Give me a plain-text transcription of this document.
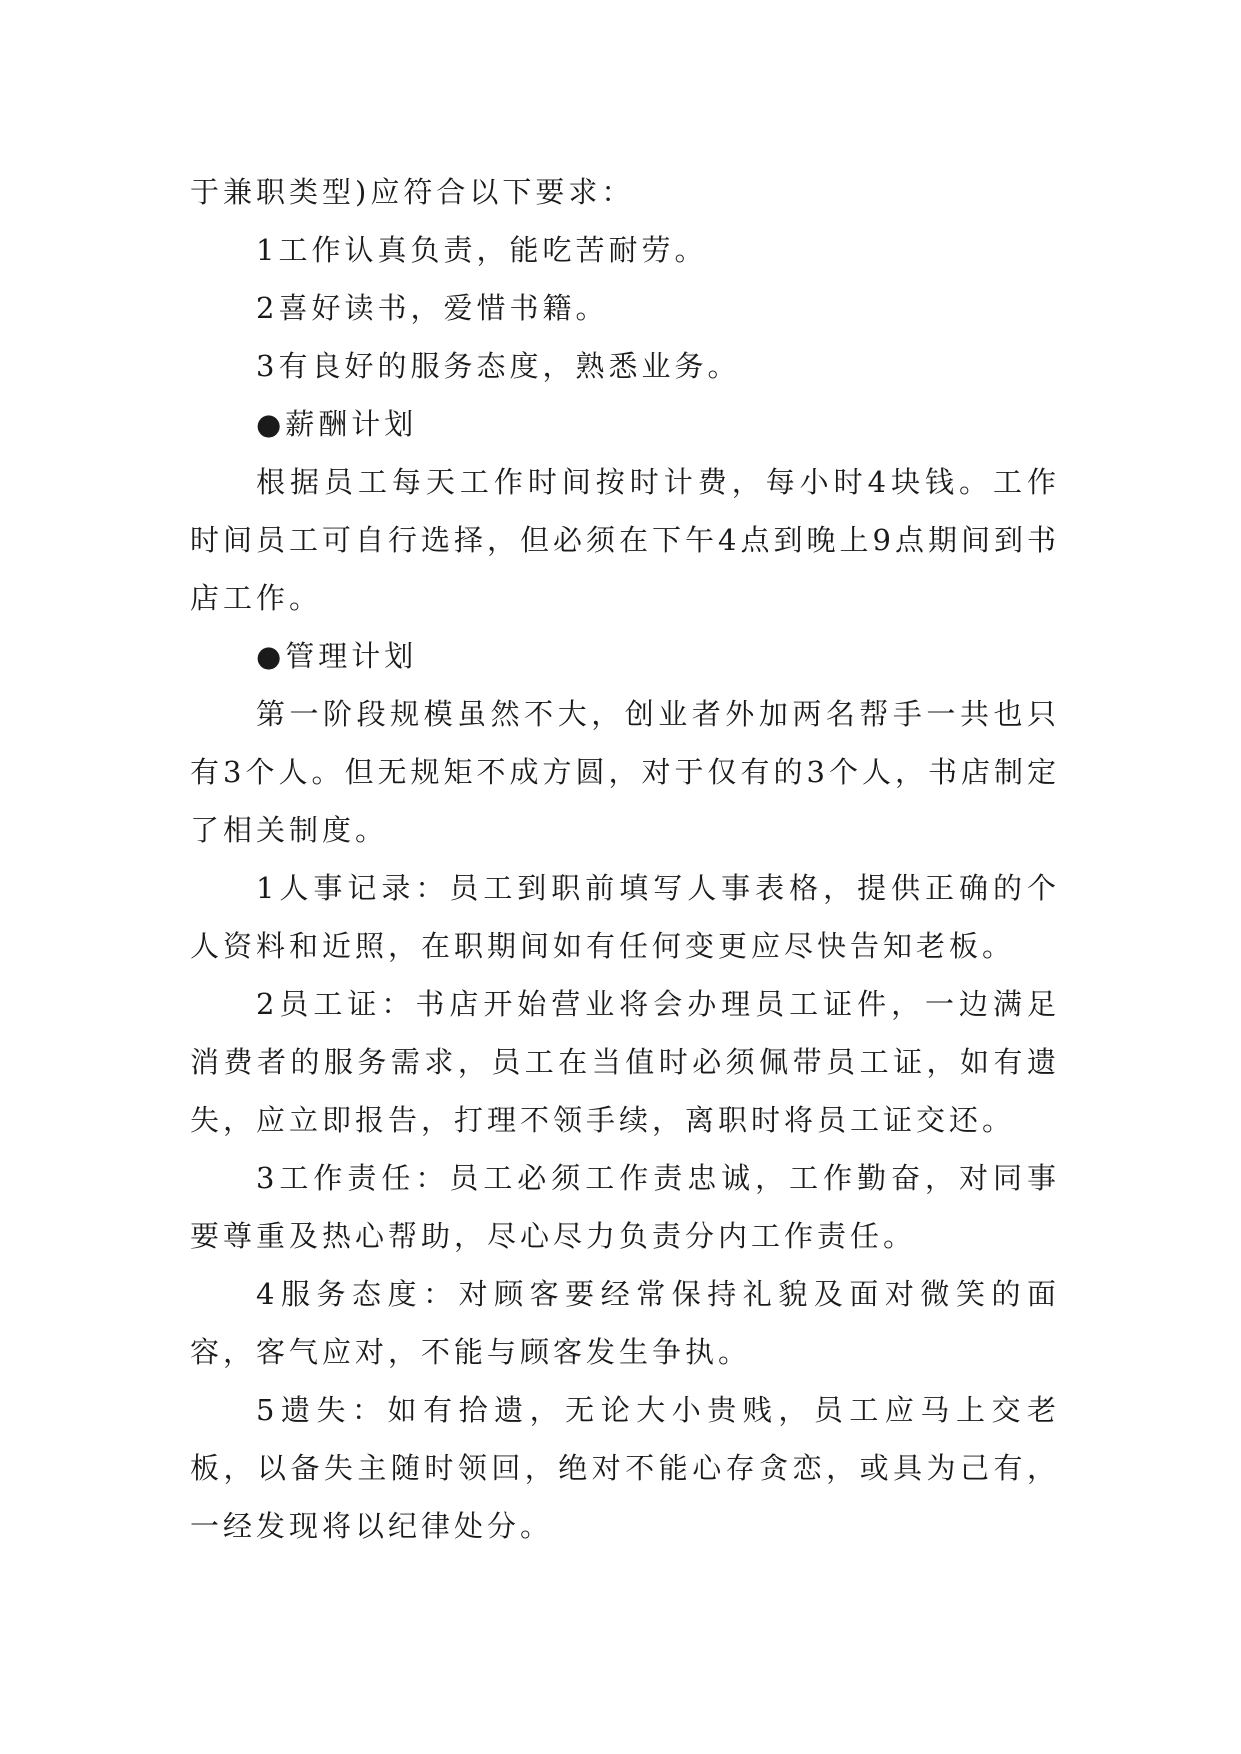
于兼职类型)应符合以下要求：

1工作认真负责，能吃苦耐劳。

2喜好读书，爱惜书籍。

3有良好的服务态度，熟悉业务。

●薪酬计划

根据员工每天工作时间按时计费，每小时4块钱。工作时间员工可自行选择，但必须在下午4点到晚上9点期间到书店工作。

●管理计划

第一阶段规模虽然不大，创业者外加两名帮手一共也只有3个人。但无规矩不成方圆，对于仅有的3个人，书店制定了相关制度。

1人事记录：员工到职前填写人事表格，提供正确的个人资料和近照，在职期间如有任何变更应尽快告知老板。

2员工证：书店开始营业将会办理员工证件，一边满足消费者的服务需求，员工在当值时必须佩带员工证，如有遗失，应立即报告，打理不领手续，离职时将员工证交还。

3工作责任：员工必须工作责忠诚，工作勤奋，对同事要尊重及热心帮助，尽心尽力负责分内工作责任。

4服务态度：对顾客要经常保持礼貌及面对微笑的面容，客气应对，不能与顾客发生争执。

5遗失：如有拾遗，无论大小贵贱，员工应马上交老板，以备失主随时领回，绝对不能心存贪恋，或具为己有，一经发现将以纪律处分。
